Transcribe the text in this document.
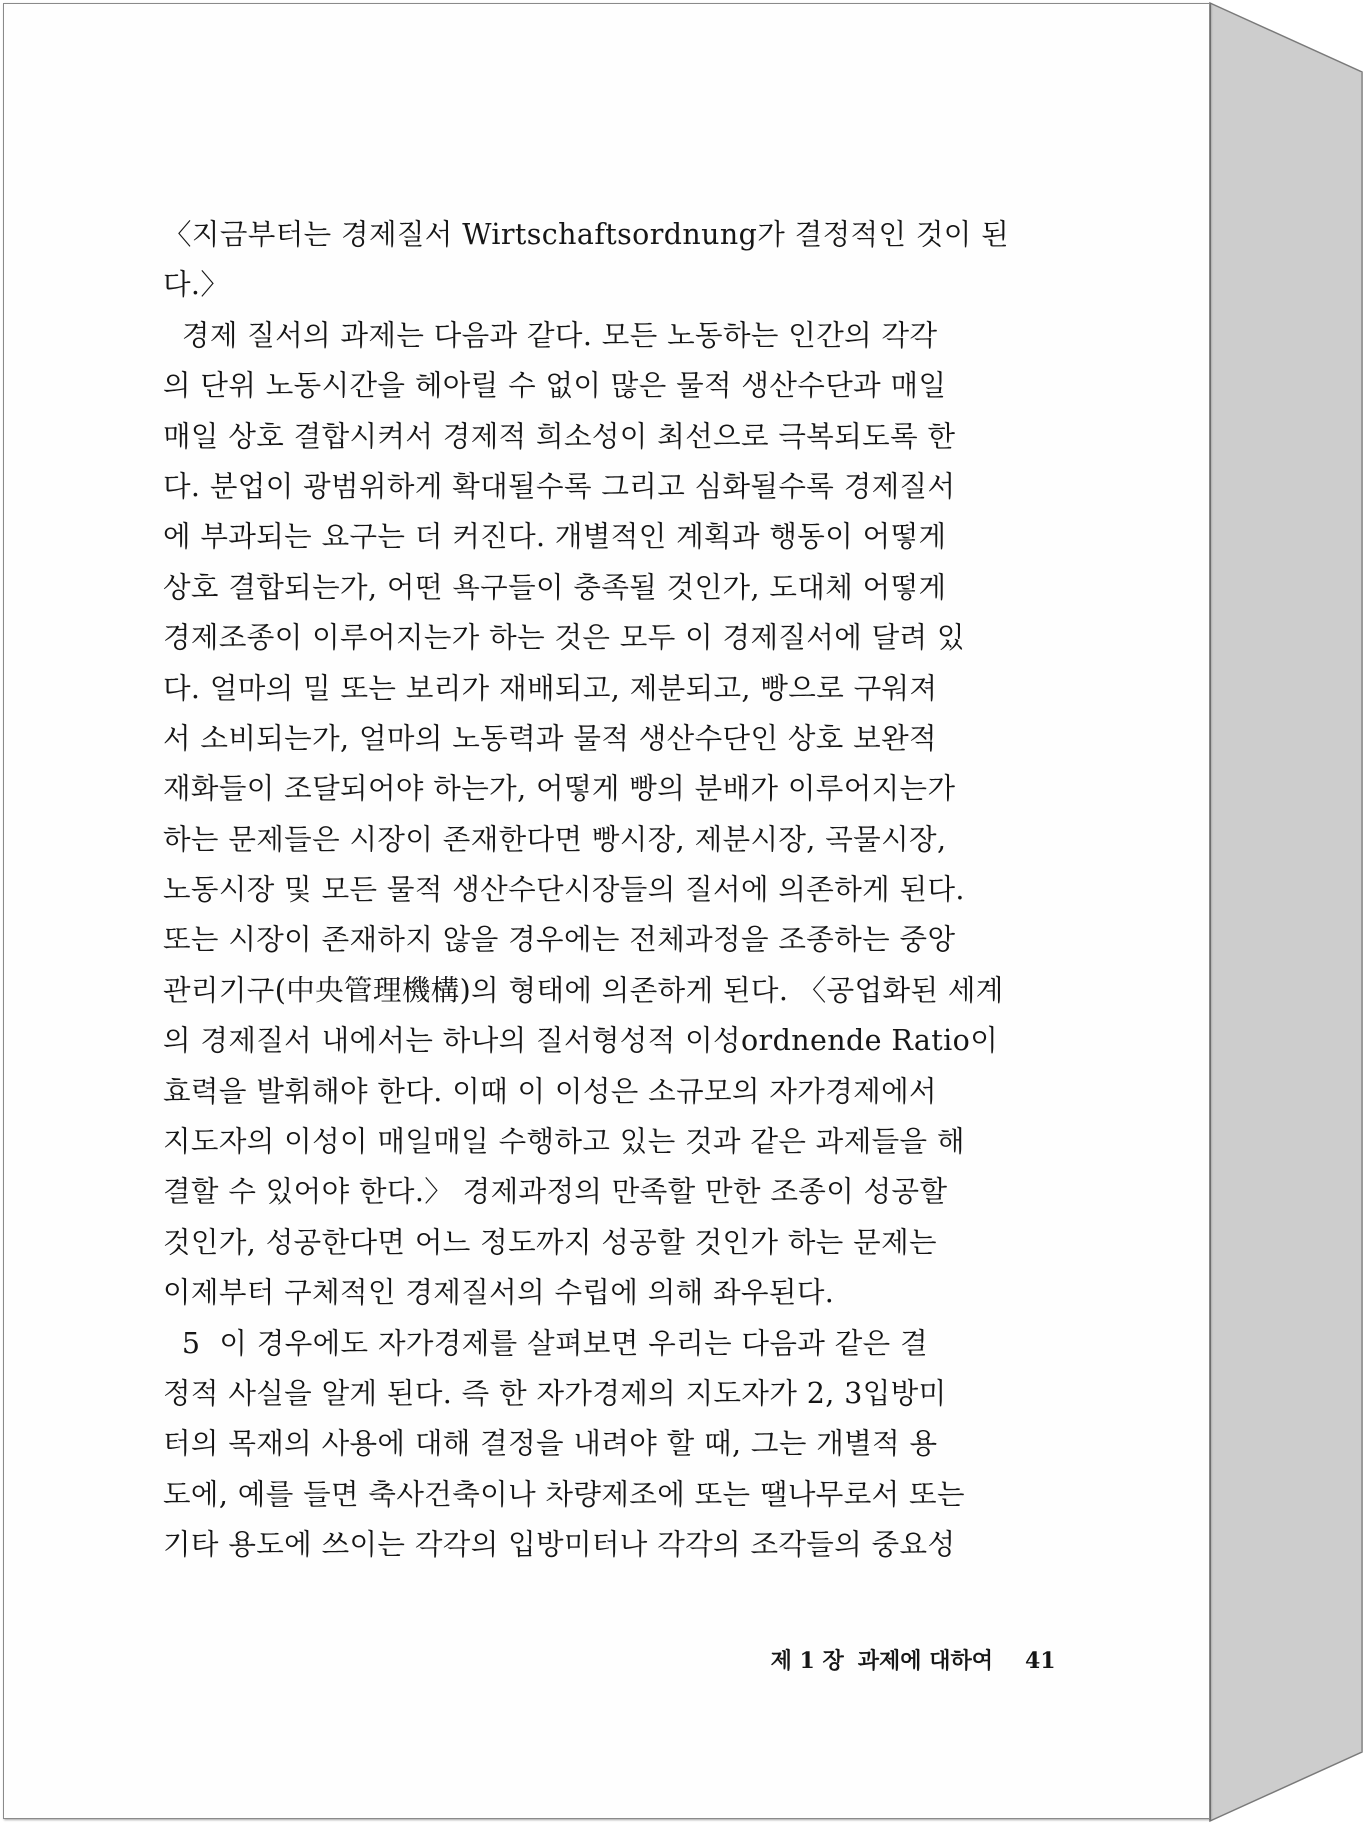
〈지금부터는 경제질서 Wirtschaftsordnung가 결정적인 것이 된
다.〉
경제 질서의 과제는 다음과 같다. 모든 노동하는 인간의 각각
의 단위 노동시간을 헤아릴 수 없이 많은 물적 생산수단과 매일
매일 상호 결합시켜서 경제적 희소성이 최선으로 극복되도록 한
다. 분업이 광범위하게 확대될수록 그리고 심화될수록 경제질서
에 부과되는 요구는 더 커진다. 개별적인 계획과 행동이 어떻게
상호 결합되는가, 어떤 욕구들이 충족될 것인가, 도대체 어떻게
경제조종이 이루어지는가 하는 것은 모두 이 경제질서에 달려 있
다. 얼마의 밀 또는 보리가 재배되고, 제분되고, 빵으로 구워져
서 소비되는가, 얼마의 노동력과 물적 생산수단인 상호 보완적
재화들이 조달되어야 하는가, 어떻게 빵의 분배가 이루어지는가
하는 문제들은 시장이 존재한다면 빵시장, 제분시장, 곡물시장,
노동시장 및 모든 물적 생산수단시장들의 질서에 의존하게 된다.
또는 시장이 존재하지 않을 경우에는 전체과정을 조종하는 중앙
관리기구(中央管理機構)의 형태에 의존하게 된다. 〈공업화된 세계
의 경제질서 내에서는 하나의 질서형성적 이성ordnende Ratio이
효력을 발휘해야 한다. 이때 이 이성은 소규모의 자가경제에서
지도자의 이성이 매일매일 수행하고 있는 것과 같은 과제들을 해
결할 수 있어야 한다.〉 경제과정의 만족할 만한 조종이 성공할
것인가, 성공한다면 어느 정도까지 성공할 것인가 하는 문제는
이제부터 구체적인 경제질서의 수립에 의해 좌우된다.
5  이 경우에도 자가경제를 살펴보면 우리는 다음과 같은 결
정적 사실을 알게 된다. 즉 한 자가경제의 지도자가 2, 3입방미
터의 목재의 사용에 대해 결정을 내려야 할 때, 그는 개별적 용
도에, 예를 들면 축사건축이나 차량제조에 또는 땔나무로서 또는
기타 용도에 쓰이는 각각의 입방미터나 각각의 조각들의 중요성

제 1 장 과제에 대하여 41
